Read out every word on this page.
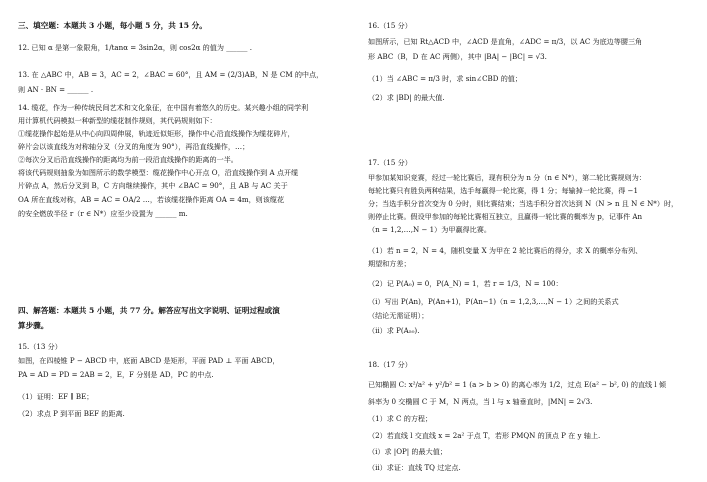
三、填空题：本题共 3 小题，每小题 5 分，共 15 分。
12. 已知 α 是第一象限角，1/tanα = 3sin2α，则 cos2α 的值为 ______ .
13. 在 △ABC 中，AB = 3，AC = 2，∠BAC = 60°，且 AM = (2/3)AB，N 是 CM 的中点，
则 AN · BN = ______ .
14. 缆花，作为一种传统民间艺术和文化象征，在中国有着悠久的历史。某兴趣小组的同学利
用计算机代码模拟一种新型的缆花制作规则，其代码规则如下：
①缆花操作起始是从中心向四周伸展，轨迹近似矩形，操作中心沿直线操作为缆花碎片，
碎片会以该直线为对称轴分叉（分叉的角度为 90°），再沿直线操作，…；
②每次分叉后沿直线操作的距离均为前一段沿直线操作的距离的一半。
将该代码规则抽象为如图所示的数学模型：缆花操作中心开点 O，沿直线操作到 A 点开缆
片碎点 A，然后分叉到 B，C 方向继续操作，其中 ∠BAC = 90°，且 AB 与 AC 关于
OA 所在直线对称，AB = AC = OA/2 …，若该缆花操作距离 OA = 4m，则该缆花
的安全燃放半径 r（r ∈ N*）应至少设置为 ______ m.
四、解答题：本题共 5 小题，共 77 分。解答应写出文字说明、证明过程或演
算步骤。
15.（13 分）
如图，在四棱锥 P − ABCD 中，底面 ABCD 是矩形，平面 PAD ⊥ 平面 ABCD，
PA = AD = PD = 2AB = 2，E，F 分别是 AD，PC 的中点.
（1）证明：EF ∥ BE；
（2）求点 P 到平面 BEF 的距离.
16.（15 分）
如图所示，已知 Rt△ACD 中，∠ACD 是直角，∠ADC = π/3，以 AC 为底边等腰三角
形 ABC（B，D 在 AC 两侧），其中 |BA| − |BC| = √3.
（1）当 ∠ABC = π/3 时，求 sin∠CBD 的值；
（2）求 |BD| 的最大值.
17.（15 分）
甲参加某知识竞赛，经过一轮比赛后，现有积分为 n 分（n ∈ N*），第二轮比赛规则为：
每轮比赛只有胜负两种结果，选手每赢得一轮比赛，得 1 分；每输掉一轮比赛，得 −1
分；当选手积分首次变为 0 分时，则比赛结束；当选手积分首次达到 N（N > n 且 N ∈ N*）时，
则停止比赛。假设甲参加的每轮比赛相互独立，且赢得一轮比赛的概率为 p，记事件 An
（n = 1,2,…,N − 1）为甲赢得比赛。
（1）若 n = 2，N = 4，随机变量 X 为甲在 2 轮比赛后的得分，求 X 的概率分布列、
期望和方差；
（2）记 P(A₀) = 0，P(A_N) = 1，若 r = 1/3，N = 100：
（i）写出 P(An)，P(An+1)，P(An−1)（n = 1,2,3,…,N − 1）之间的关系式
（结论无需证明）；
（ii）求 P(A₅₀).
18.（17 分）
已知椭圆 C: x²/a² + y²/b² = 1 (a > b > 0) 的离心率为 1/2，过点 E(a² − b², 0) 的直线 l 倾
斜率为 0 交椭圆 C 于 M，N 两点，当 l 与 x 轴垂直时，|MN| = 2√3.
（1）求 C 的方程；
（2）若直线 l 交直线 x = 2a² 于点 T，若形 PMQN 的顶点 P 在 y 轴上.
（i）求 |OP| 的最大值；
（ii）求证：直线 TQ 过定点.
